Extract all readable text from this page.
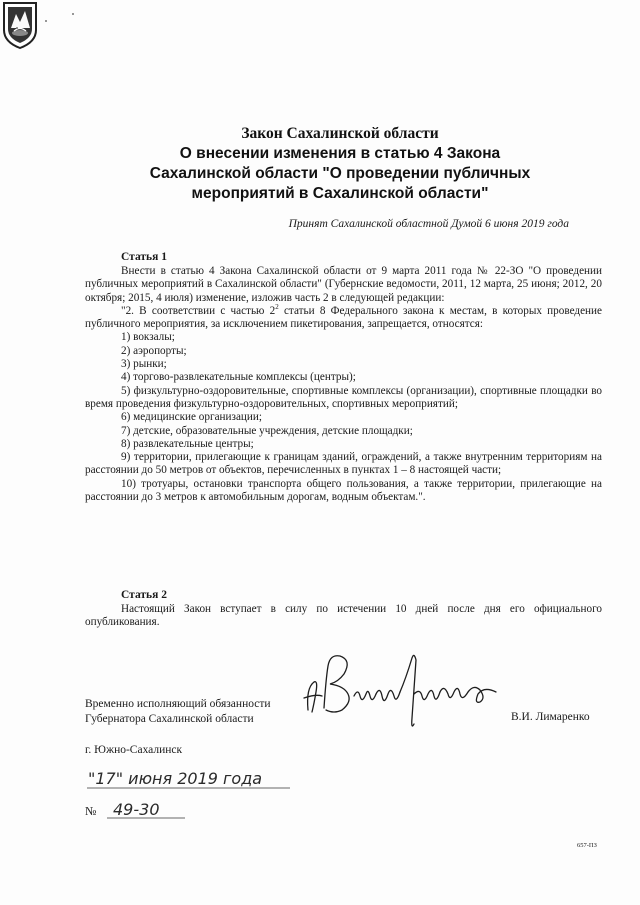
Закон Сахалинской области
О внесении изменения в статью 4 Закона
Сахалинской области "О проведении публичных
мероприятий в Сахалинской области"
Принят Сахалинской областной Думой 6 июня 2019 года
Статья 1

Внести в статью 4 Закона Сахалинской области от 9 марта 2011 года № 22-ЗО "О проведении публичных мероприятий в Сахалинской области" (Губернские ведомости, 2011, 12 марта, 25 июня; 2012, 20 октября; 2015, 4 июля) изменение, изложив часть 2 в следующей редакции:

"2. В соответствии с частью $2^2$ статьи 8 Федерального закона к местам, в которых проведение публичного мероприятия, за исключением пикетирования, запрещается, относятся:

1) вокзалы;

2) аэропорты;

3) рынки;

4) торгово-развлекательные комплексы (центры);

5) физкультурно-оздоровительные, спортивные комплексы (организации), спортивные площадки во время проведения физкультурно-оздоровительных, спортивных мероприятий;

6) медицинские организации;

7) детские, образовательные учреждения, детские площадки;

8) развлекательные центры;

9) территории, прилегающие к границам зданий, ограждений, а также внутренним территориям на расстоянии до 50 метров от объектов, перечисленных в пунктах 1 – 8 настоящей части;

10) тротуары, остановки транспорта общего пользования, а также территории, прилегающие на расстоянии до 3 метров к автомобильным дорогам, водным объектам.".

Статья 2

Настоящий Закон вступает в силу по истечении 10 дней после дня его официального опубликования.

Временно исполняющий обязанности
Губернатора Сахалинской области	В.И. Лимаренко
г. Южно-Сахалинск
"17" июня 2019 года
№ 49-30
657-ПЗ
